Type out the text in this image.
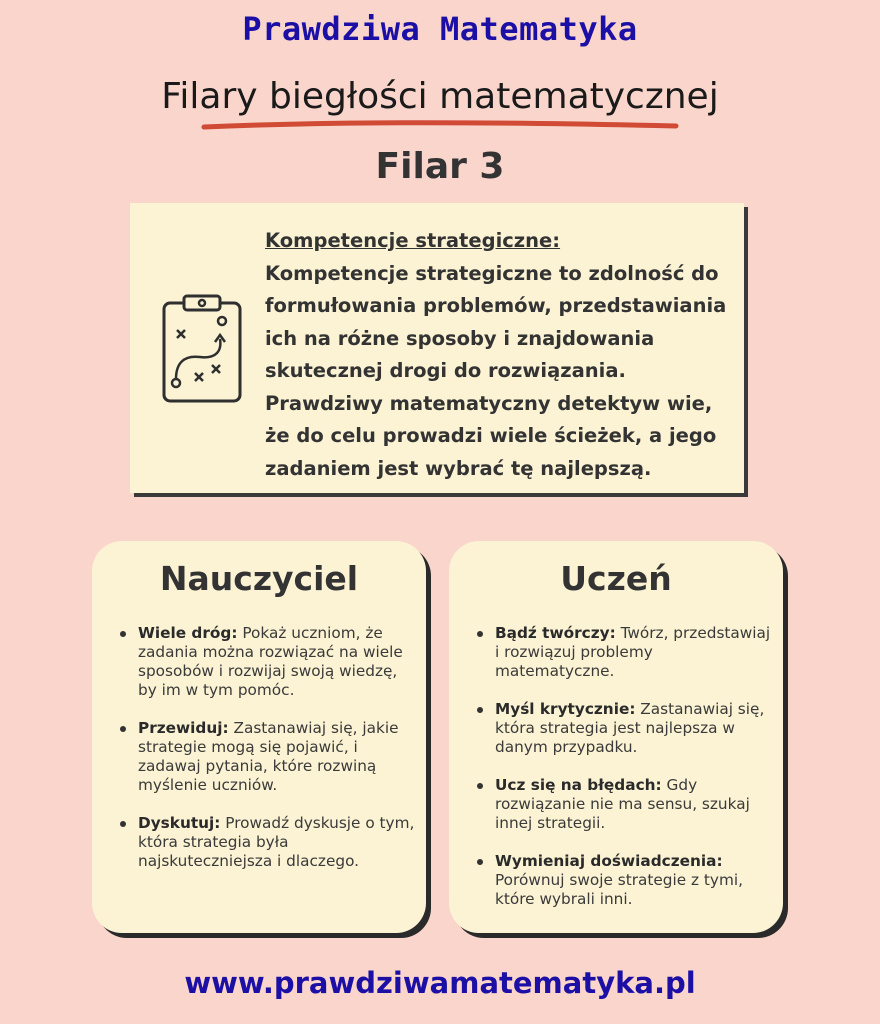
Prawdziwa Matematyka
Filary biegłości matematycznej
Filar 3
Kompetencje strategiczne:
Kompetencje strategiczne to zdolność do formułowania problemów, przedstawiania ich na różne sposoby i znajdowania skutecznej drogi do rozwiązania. Prawdziwy matematyczny detektyw wie, że do celu prowadzi wiele ścieżek, a jego zadaniem jest wybrać tę najlepszą.
Nauczyciel
Wiele dróg: Pokaż uczniom, że zadania można rozwiązać na wiele sposobów i rozwijaj swoją wiedzę, by im w tym pomóc.
Przewiduj: Zastanawiaj się, jakie strategie mogą się pojawić, i zadawaj pytania, które rozwiną myślenie uczniów.
Dyskutuj: Prowadź dyskusje o tym, która strategia była najskuteczniejsza i dlaczego.
Uczeń
Bądź twórczy: Twórz, przedstawiaj i rozwiązuj problemy matematyczne.
Myśl krytycznie: Zastanawiaj się, która strategia jest najlepsza w danym przypadku.
Ucz się na błędach: Gdy rozwiązanie nie ma sensu, szukaj innej strategii.
Wymieniaj doświadczenia: Porównuj swoje strategie z tymi, które wybrali inni.
www.prawdziwamatematyka.pl
